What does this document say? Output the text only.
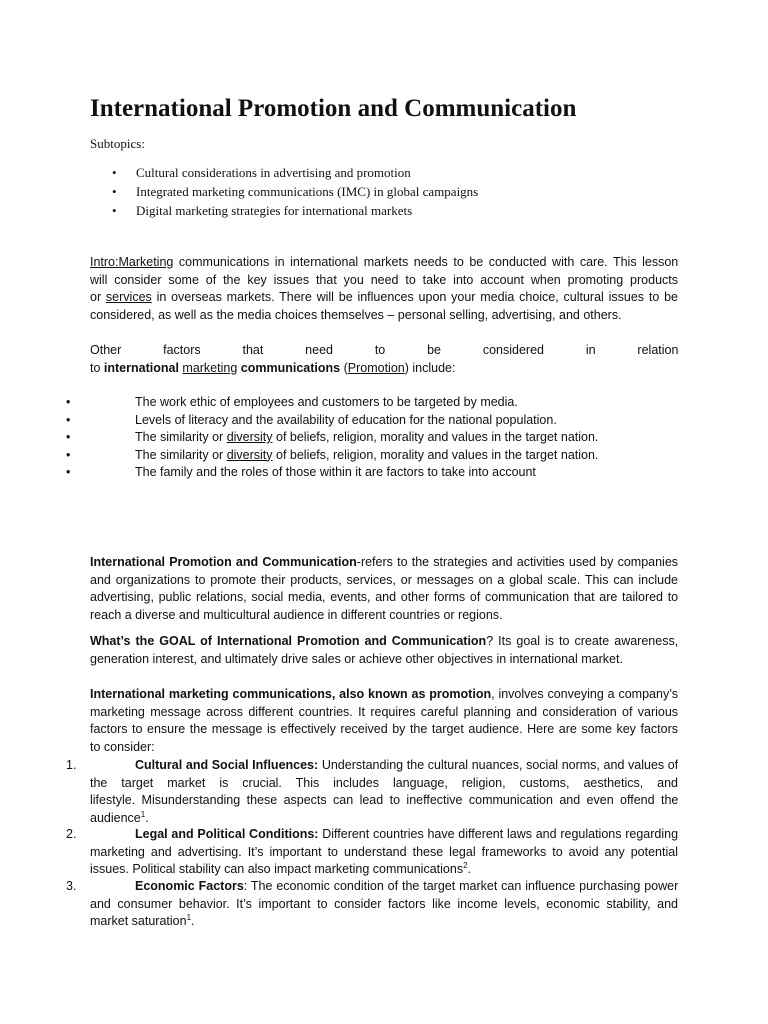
International Promotion and Communication
Subtopics:
• Cultural considerations in advertising and promotion
• Integrated marketing communications (IMC) in global campaigns
• Digital marketing strategies for international markets
Intro:Marketing communications in international markets needs to be conducted with care. This lesson
will consider some of the key issues that you need to take into account when promoting products
or services in overseas markets. There will be influences upon your media choice, cultural issues to be
considered, as well as the media choices themselves – personal selling, advertising, and others.
Other factors that need to be considered in relation
to international marketing communications (Promotion) include:
•	The work ethic of employees and customers to be targeted by media.
•	Levels of literacy and the availability of education for the national population.
•	The similarity or diversity of beliefs, religion, morality and values in the target nation.
•	The similarity or diversity of beliefs, religion, morality and values in the target nation.
•	The family and the roles of those within it are factors to take into account
International Promotion and Communication-refers to the strategies and activities used by companies
and organizations to promote their products, services, or messages on a global scale. This can include
advertising, public relations, social media, events, and other forms of communication that are tailored to
reach a diverse and multicultural audience in different countries or regions.
What’s the GOAL of International Promotion and Communication? Its goal is to create awareness,
generation interest, and ultimately drive sales or achieve other objectives in international market.
International marketing communications, also known as promotion, involves conveying a company’s
marketing message across different countries. It requires careful planning and consideration of various
factors to ensure the message is effectively received by the target audience. Here are some key factors
to consider:
1.	Cultural and Social Influences: Understanding the cultural nuances, social norms, and values of
the target market is crucial. This includes language, religion, customs, aesthetics, and
lifestyle. Misunderstanding these aspects can lead to ineffective communication and even offend the
audience$^1$.
2.	Legal and Political Conditions: Different countries have different laws and regulations regarding
marketing and advertising. It’s important to understand these legal frameworks to avoid any potential
issues. Political stability can also impact marketing communications$^2$.
3.	Economic Factors: The economic condition of the target market can influence purchasing power
and consumer behavior. It’s important to consider factors like income levels, economic stability, and
market saturation$^1$.
